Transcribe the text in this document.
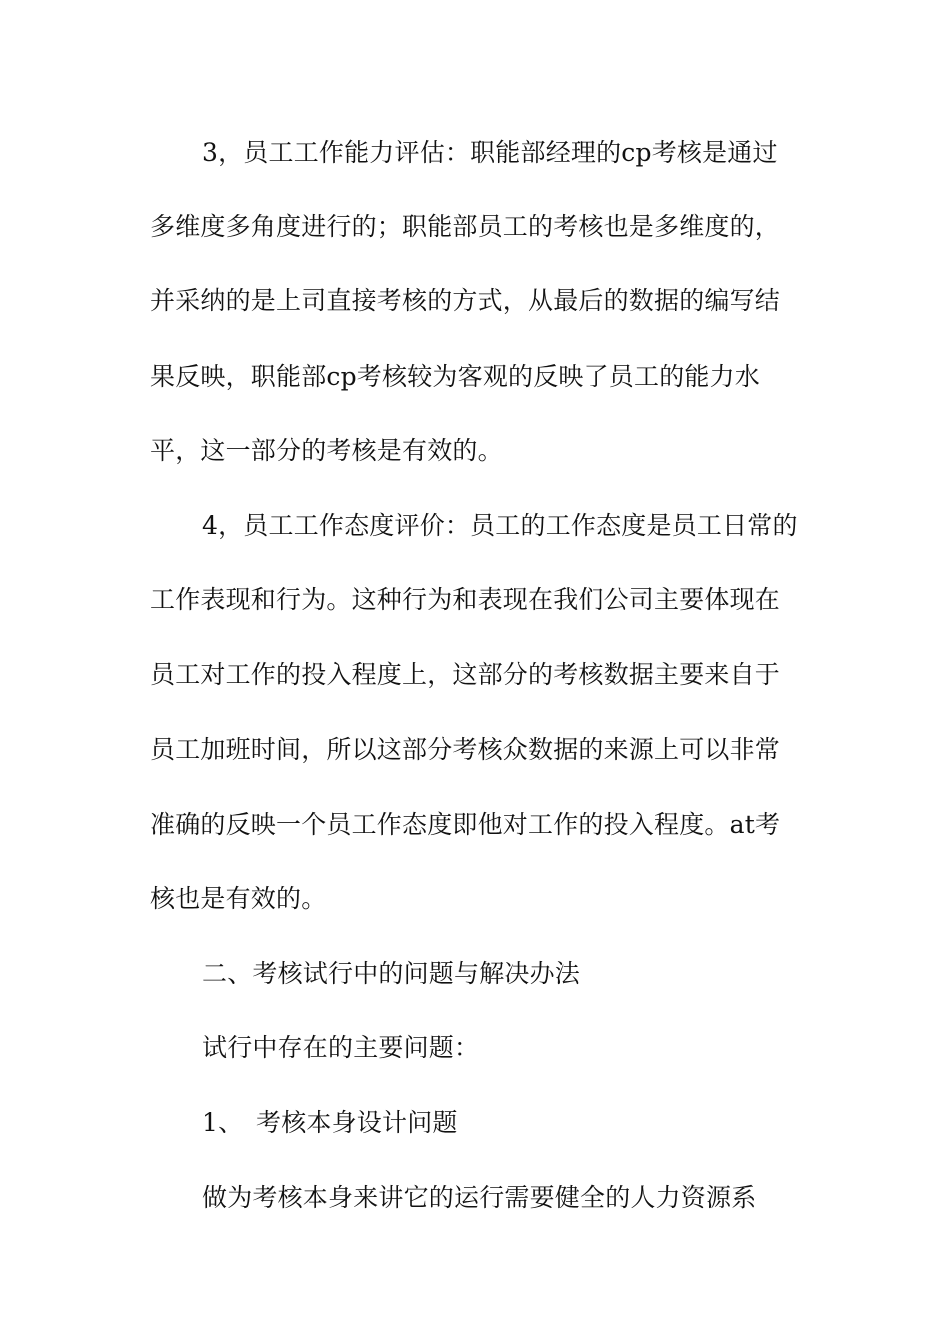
3，员工工作能力评估：职能部经理的cp考核是通过
多维度多角度进行的；职能部员工的考核也是多维度的，
并采纳的是上司直接考核的方式，从最后的数据的编写结
果反映，职能部cp考核较为客观的反映了员工的能力水
平，这一部分的考核是有效的。
4，员工工作态度评价：员工的工作态度是员工日常的
工作表现和行为。这种行为和表现在我们公司主要体现在
员工对工作的投入程度上，这部分的考核数据主要来自于
员工加班时间，所以这部分考核众数据的来源上可以非常
准确的反映一个员工作态度即他对工作的投入程度。at考
核也是有效的。
二、考核试行中的问题与解决办法
试行中存在的主要问题：
1、　考核本身设计问题
做为考核本身来讲它的运行需要健全的人力资源系
